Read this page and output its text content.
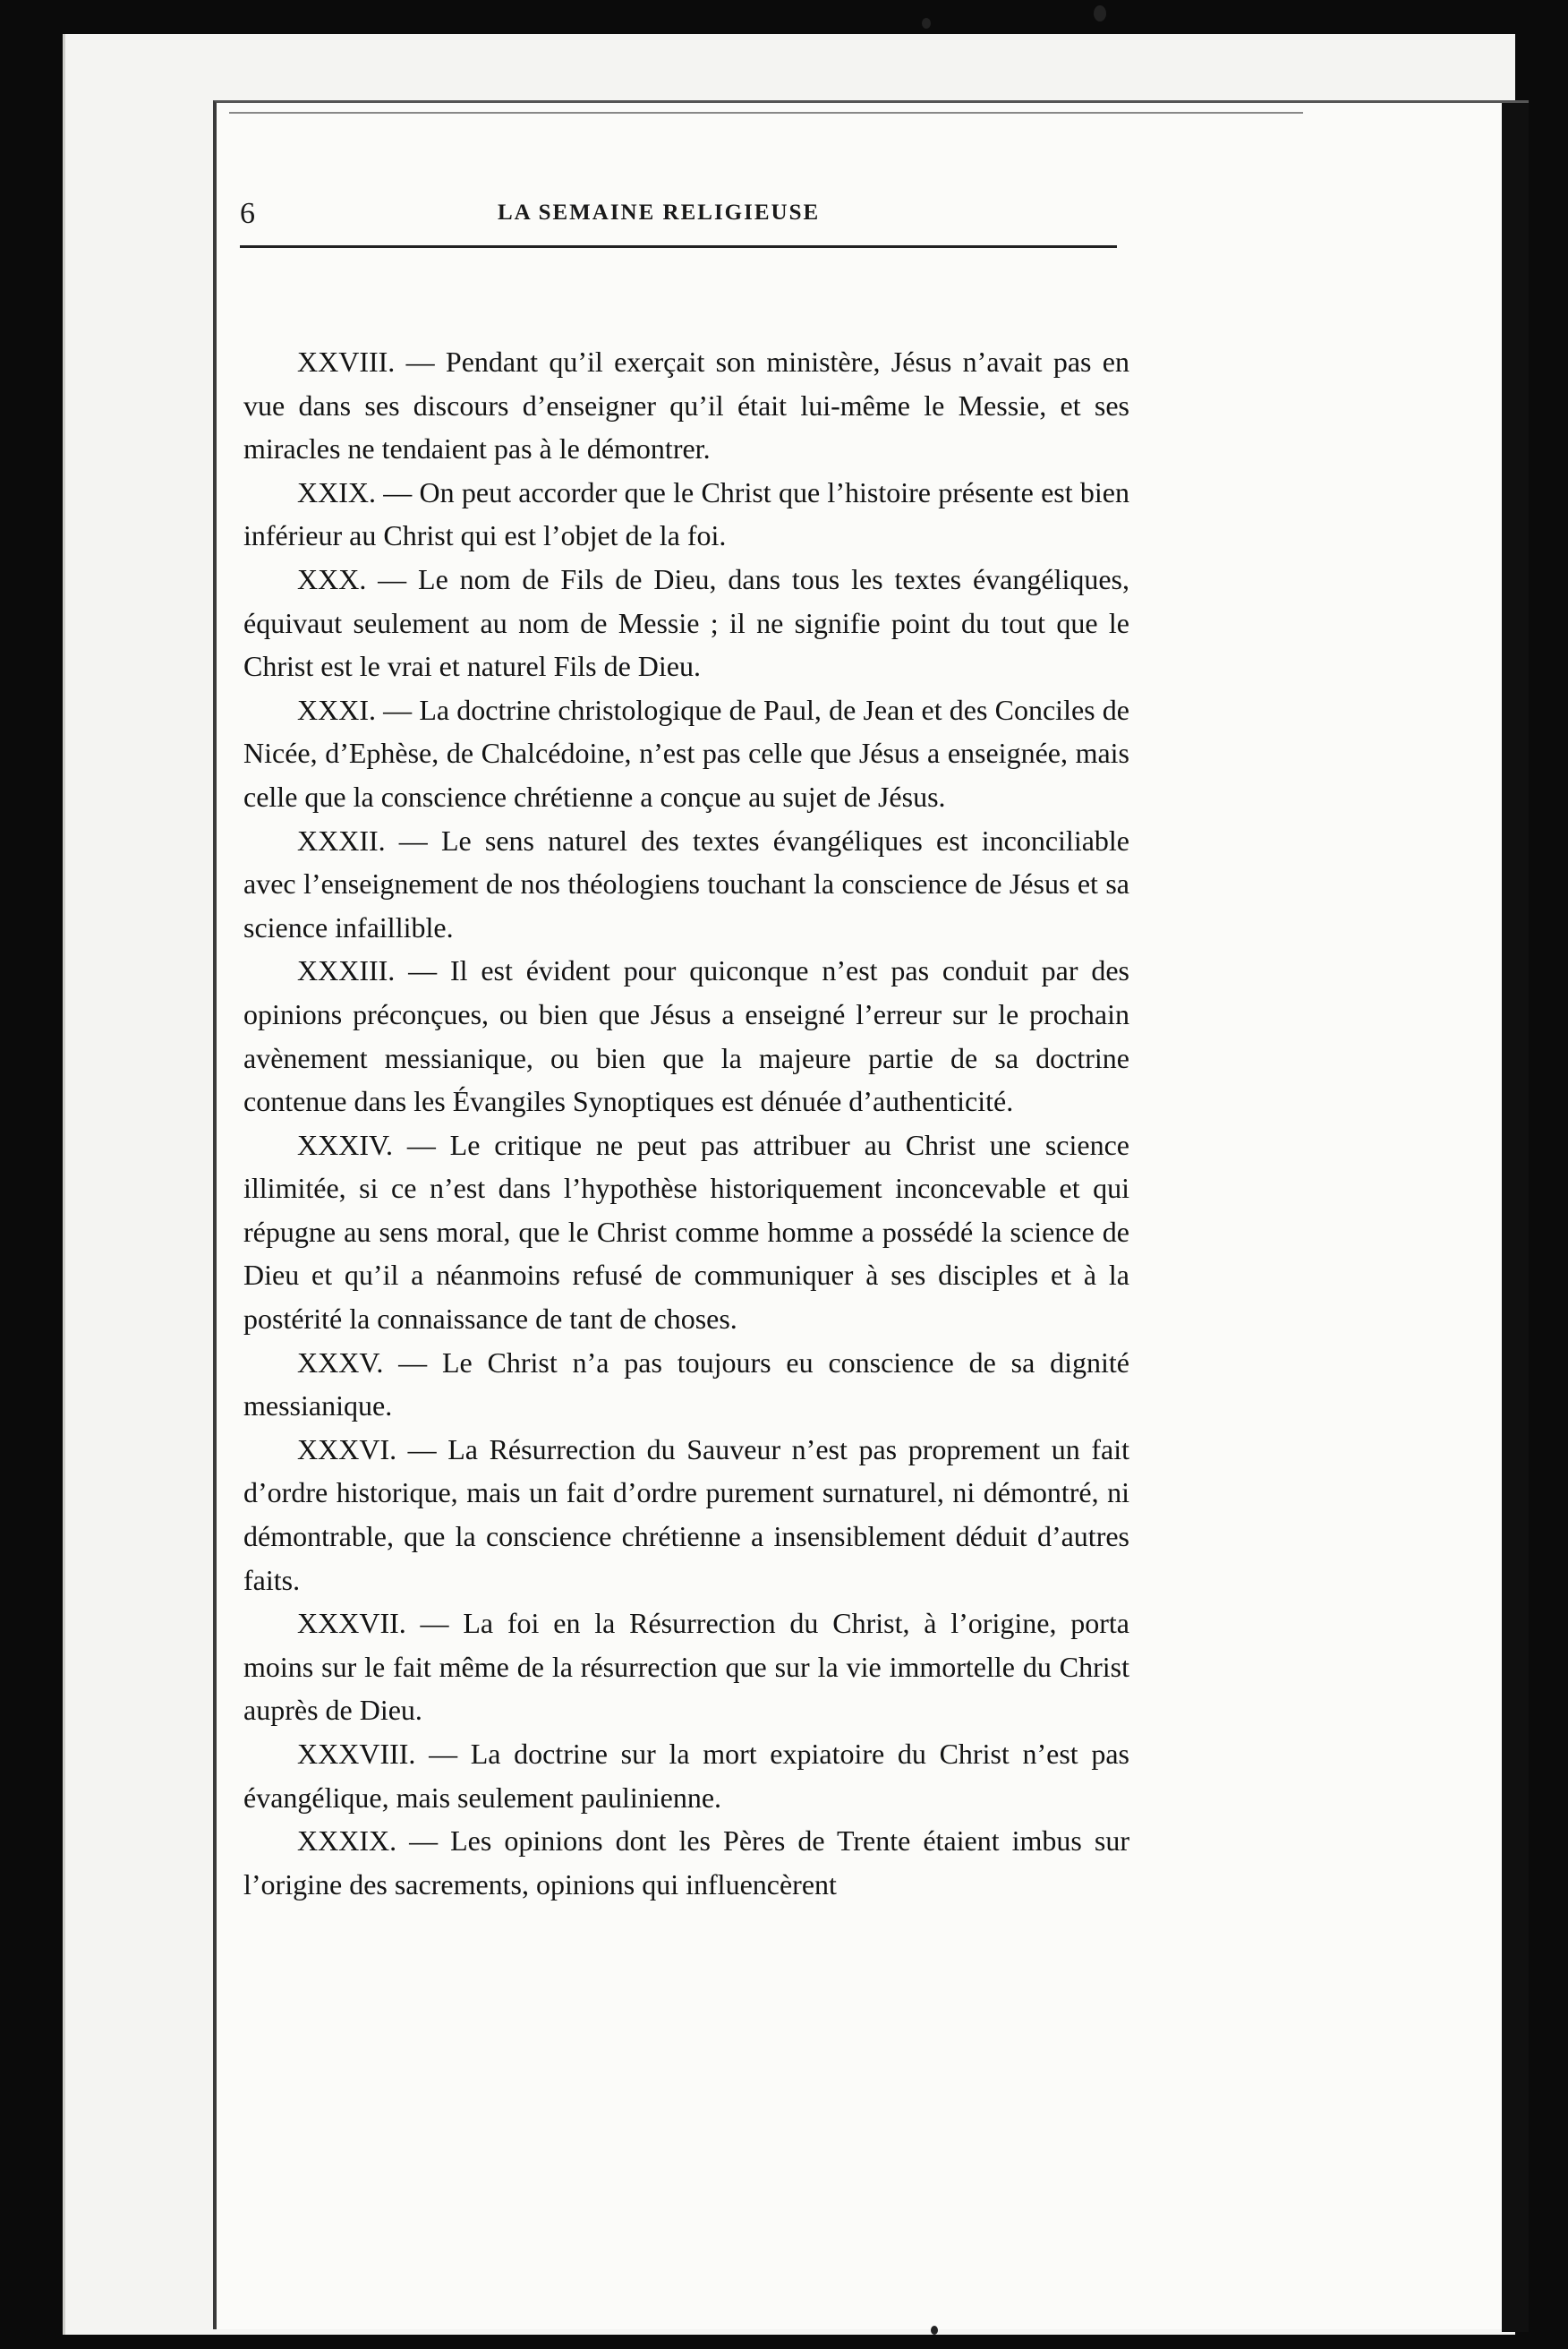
6	LA SEMAINE RELIGIEUSE

XXVIII. — Pendant qu’il exerçait son ministère, Jésus n’avait pas en vue dans ses discours d’enseigner qu’il était lui-même le Messie, et ses miracles ne tendaient pas à le démontrer.

XXIX. — On peut accorder que le Christ que l’histoire présente est bien inférieur au Christ qui est l’objet de la foi.

XXX. — Le nom de Fils de Dieu, dans tous les textes évangéliques, équivaut seulement au nom de Messie ; il ne signifie point du tout que le Christ est le vrai et naturel Fils de Dieu.

XXXI. — La doctrine christologique de Paul, de Jean et des Conciles de Nicée, d’Ephèse, de Chalcédoine, n’est pas celle que Jésus a enseignée, mais celle que la conscience chrétienne a conçue au sujet de Jésus.

XXXII. — Le sens naturel des textes évangéliques est inconciliable avec l’enseignement de nos théologiens touchant la conscience de Jésus et sa science infaillible.

XXXIII. — Il est évident pour quiconque n’est pas conduit par des opinions préconçues, ou bien que Jésus a enseigné l’erreur sur le prochain avènement messianique, ou bien que la majeure partie de sa doctrine contenue dans les Évangiles Synoptiques est dénuée d’authenticité.

XXXIV. — Le critique ne peut pas attribuer au Christ une science illimitée, si ce n’est dans l’hypothèse historiquement inconcevable et qui répugne au sens moral, que le Christ comme homme a possédé la science de Dieu et qu’il a néanmoins refusé de communiquer à ses disciples et à la postérité la connaissance de tant de choses.

XXXV. — Le Christ n’a pas toujours eu conscience de sa dignité messianique.

XXXVI. — La Résurrection du Sauveur n’est pas proprement un fait d’ordre historique, mais un fait d’ordre purement surnaturel, ni démontré, ni démontrable, que la conscience chrétienne a insensiblement déduit d’autres faits.

XXXVII. — La foi en la Résurrection du Christ, à l’origine, porta moins sur le fait même de la résurrection que sur la vie immortelle du Christ auprès de Dieu.

XXXVIII. — La doctrine sur la mort expiatoire du Christ n’est pas évangélique, mais seulement paulinienne.

XXXIX. — Les opinions dont les Pères de Trente étaient imbus sur l’origine des sacrements, opinions qui influencèrent
